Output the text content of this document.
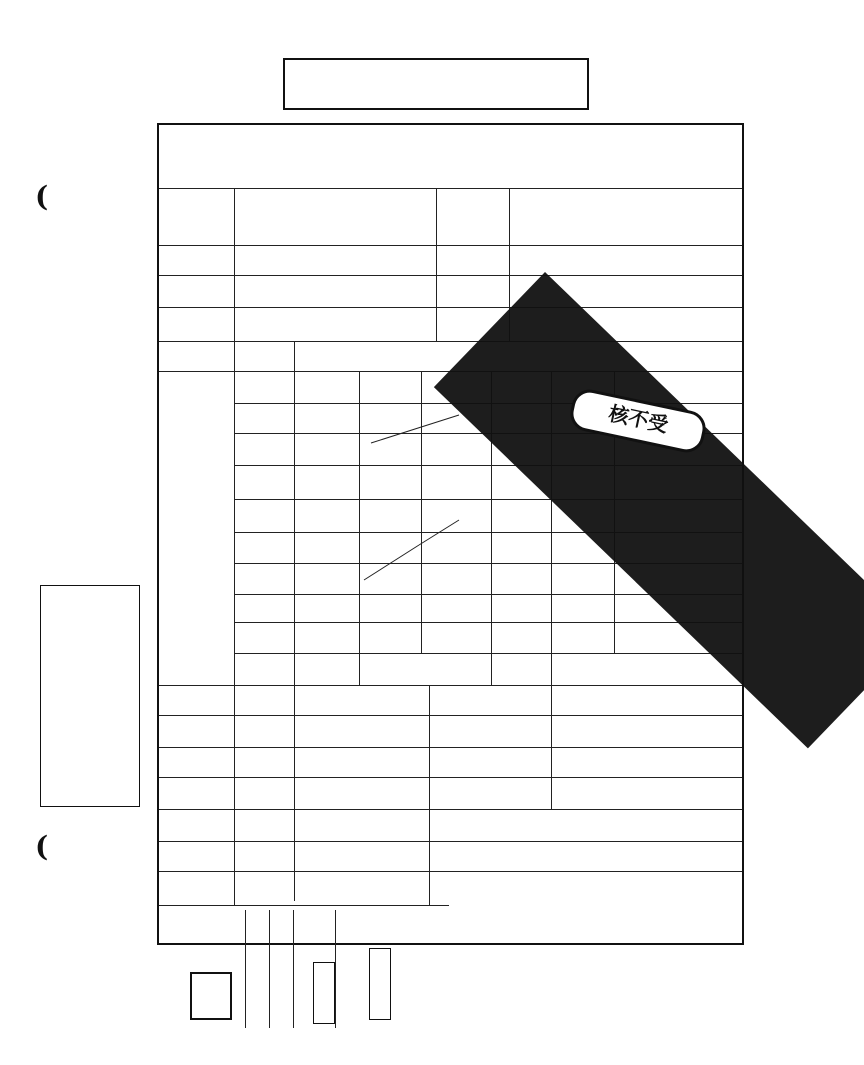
核不受
(
(
